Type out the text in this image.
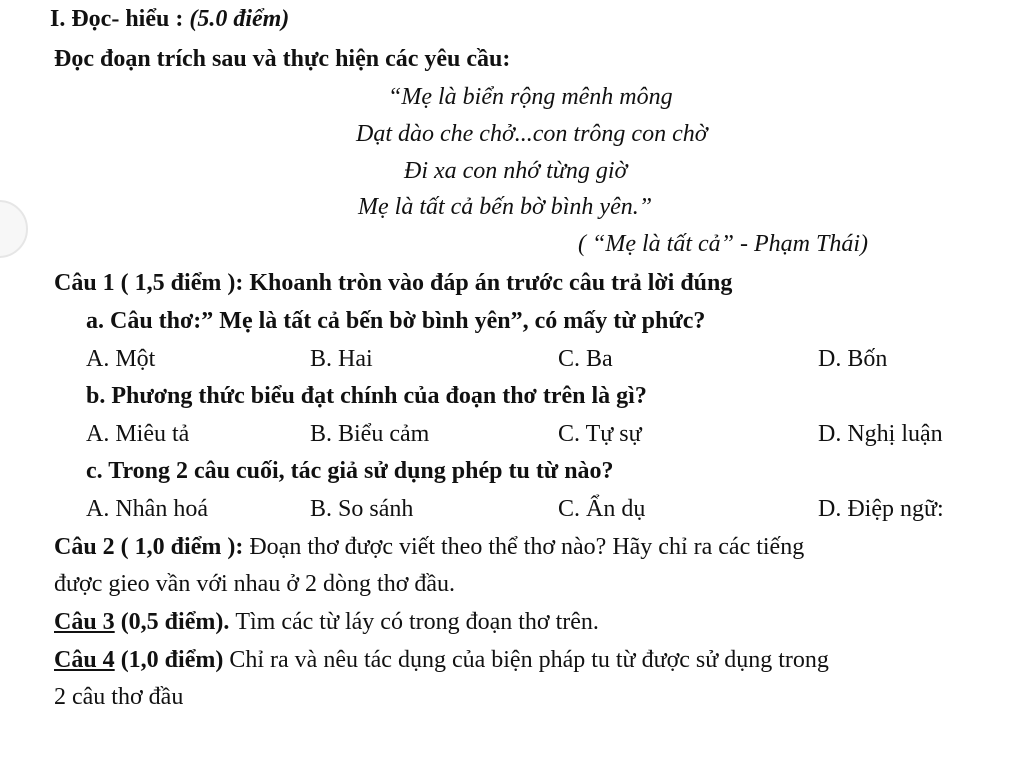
I. Đọc- hiểu : (5.0 điểm)
Đọc đoạn trích sau và thực hiện các yêu cầu:
“Mẹ là biển rộng mênh mông
Dạt dào che chở...con trông con chờ
Đi xa con nhớ từng giờ
Mẹ là tất cả bến bờ bình yên.”
( “Mẹ là tất cả” - Phạm Thái)
Câu 1 ( 1,5 điểm ): Khoanh tròn vào đáp án trước câu trả lời đúng
a. Câu thơ:” Mẹ là tất cả bến bờ bình yên”, có mấy từ phức?
A. Một	B. Hai	C. Ba	D. Bốn
b. Phương thức biểu đạt chính của đoạn thơ trên là gì?
A. Miêu tả	B. Biểu cảm	C. Tự sự	D. Nghị luận
c. Trong 2 câu cuối, tác giả sử dụng phép tu từ nào?
A. Nhân hoá	B. So sánh	C. Ẩn dụ	D. Điệp ngữ:
Câu 2 ( 1,0 điểm ): Đoạn thơ được viết theo thể thơ nào? Hãy chỉ ra các tiếng
được gieo vần với nhau ở 2 dòng thơ đầu.
Câu 3 (0,5 điểm). Tìm các từ láy có trong đoạn thơ trên.
Câu 4 (1,0 điểm) Chỉ ra và nêu tác dụng của biện pháp tu từ được sử dụng trong
2 câu thơ đầu
